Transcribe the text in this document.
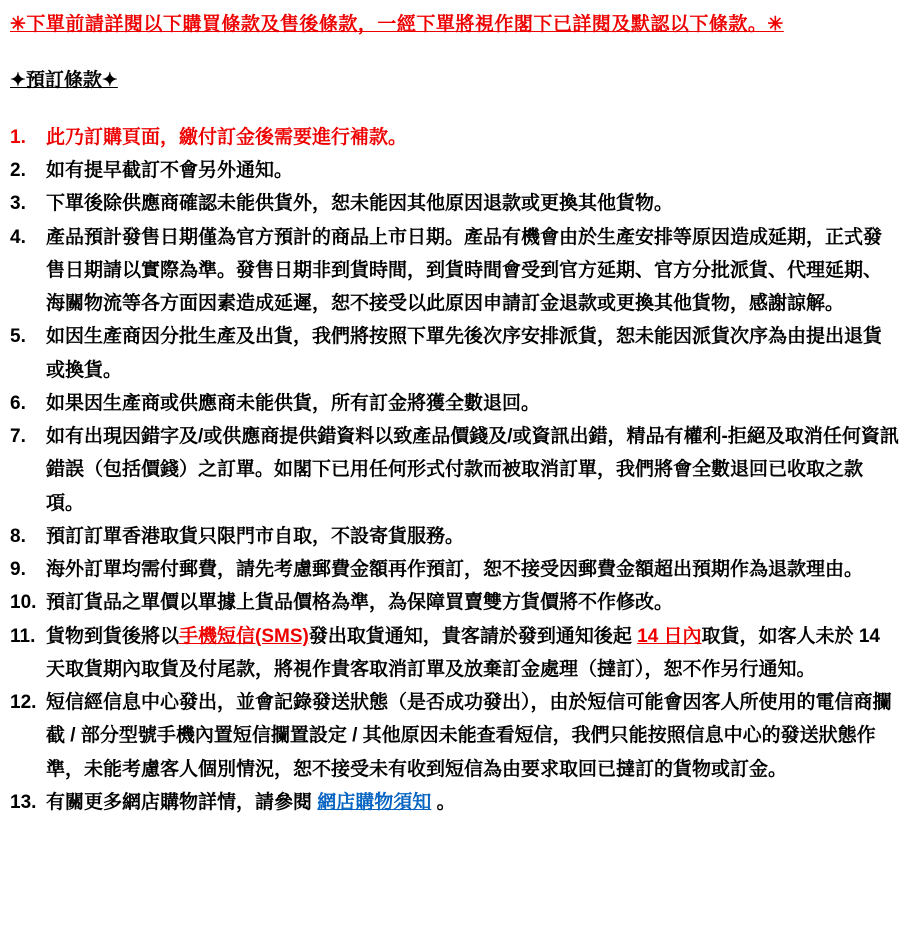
✳下單前請詳閱以下購買條款及售後條款，一經下單將視作閣下已詳閱及默認以下條款。✳
✦預訂條款✦
1.	此乃訂購頁面，繳付訂金後需要進行補款。
2.	如有提早截訂不會另外通知。
3.	下單後除供應商確認未能供貨外，恕未能因其他原因退款或更換其他貨物。
4.	產品預計發售日期僅為官方預計的商品上市日期。產品有機會由於生產安排等原因造成延期，正式發售日期請以實際為準。發售日期非到貨時間，到貨時間會受到官方延期、官方分批派貨、代理延期、海關物流等各方面因素造成延遲，恕不接受以此原因申請訂金退款或更換其他貨物，感謝諒解。
5.	如因生產商因分批生產及出貨，我們將按照下單先後次序安排派貨，恕未能因派貨次序為由提出退貨或換貨。
6.	如果因生產商或供應商未能供貨，所有訂金將獲全數退回。
7.	如有出現因錯字及/或供應商提供錯資料以致產品價錢及/或資訊出錯，精品有權利-拒絕及取消任何資訊錯誤（包括價錢）之訂單。如閣下已用任何形式付款而被取消訂單，我們將會全數退回已收取之款項。
8.	預訂訂單香港取貨只限門市自取，不設寄貨服務。
9.	海外訂單均需付郵費，請先考慮郵費金額再作預訂，恕不接受因郵費金額超出預期作為退款理由。
10. 預訂貨品之單價以單據上貨品價格為準，為保障買賣雙方貨價將不作修改。
11. 貨物到貨後將以手機短信(SMS)發出取貨通知，貴客請於發到通知後起 14 日內取貨，如客人未於 14 天取貨期內取貨及付尾款，將視作貴客取消訂單及放棄訂金處理（撻訂），恕不作另行通知。
12. 短信經信息中心發出，並會記錄發送狀態（是否成功發出），由於短信可能會因客人所使用的電信商攔截 / 部分型號手機內置短信攔置設定 / 其他原因未能查看短信，我們只能按照信息中心的發送狀態作準，未能考慮客人個別情況，恕不接受未有收到短信為由要求取回已撻訂的貨物或訂金。
13. 有關更多網店購物詳情，請參閱 網店購物須知 。
